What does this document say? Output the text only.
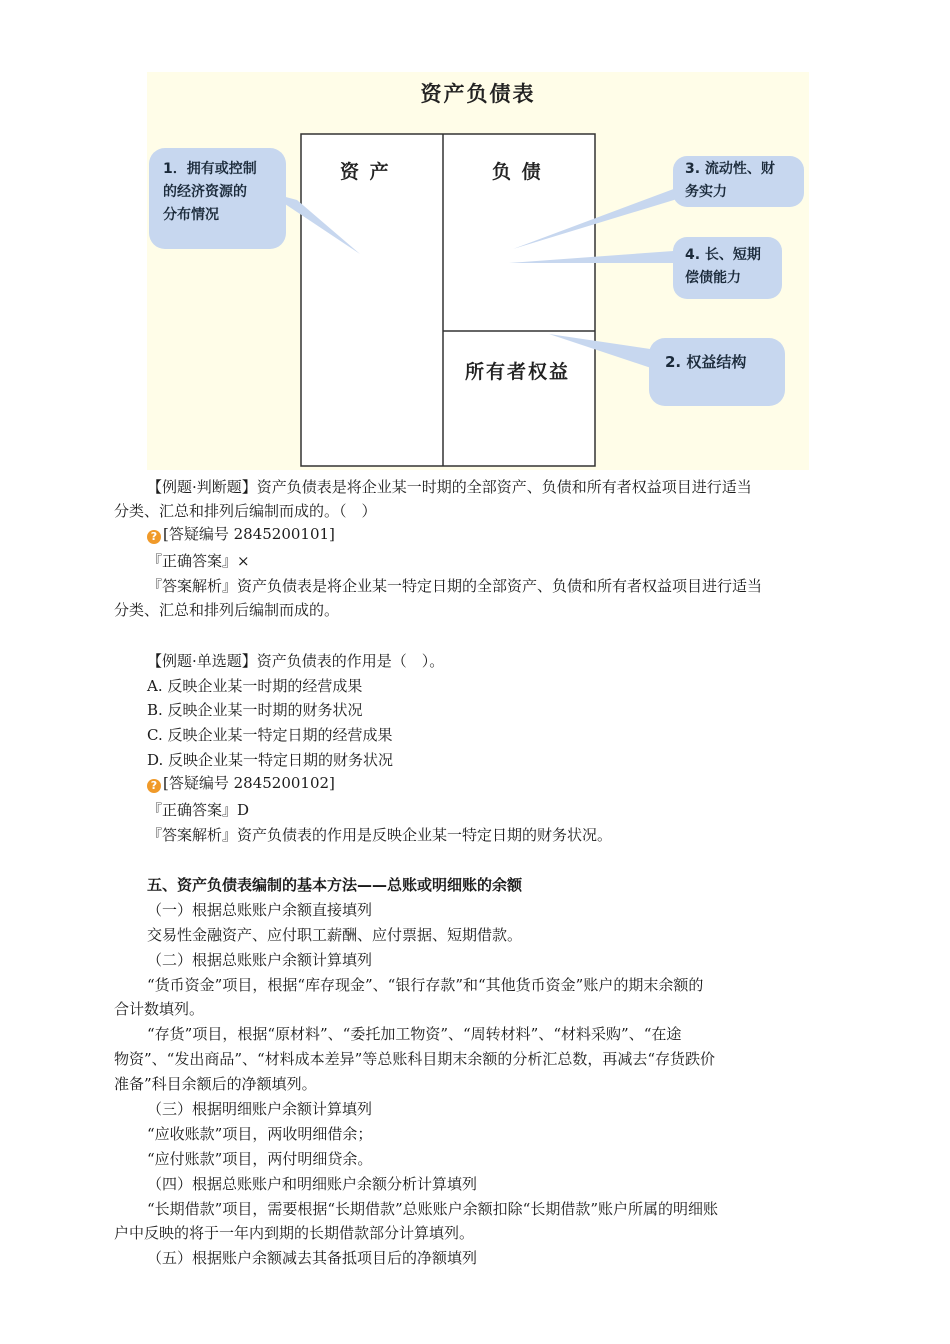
资产负债表
资 产	负 债
所有者权益
1．拥有或控制
的经济资源的
分布情况
3. 流动性、财
务实力
4. 长、短期
偿债能力
2. 权益结构
【例题·判断题】资产负债表是将企业某一时期的全部资产、负债和所有者权益项目进行适当
分类、汇总和排列后编制而成的。（　）
? [答疑编号 2845200101]
『正确答案』×
『答案解析』资产负债表是将企业某一特定日期的全部资产、负债和所有者权益项目进行适当
分类、汇总和排列后编制而成的。
【例题·单选题】资产负债表的作用是（　）。
A. 反映企业某一时期的经营成果
B. 反映企业某一时期的财务状况
C. 反映企业某一特定日期的经营成果
D. 反映企业某一特定日期的财务状况
? [答疑编号 2845200102]
『正确答案』D
『答案解析』资产负债表的作用是反映企业某一特定日期的财务状况。
五、资产负债表编制的基本方法——总账或明细账的余额
（一）根据总账账户余额直接填列
交易性金融资产、应付职工薪酬、应付票据、短期借款。
（二）根据总账账户余额计算填列
“货币资金”项目，根据“库存现金”、“银行存款”和“其他货币资金”账户的期末余额的
合计数填列。
“存货”项目，根据“原材料”、“委托加工物资”、“周转材料”、“材料采购”、“在途
物资”、“发出商品”、“材料成本差异”等总账科目期末余额的分析汇总数，再减去“存货跌价
准备”科目余额后的净额填列。
（三）根据明细账户余额计算填列
“应收账款”项目，两收明细借余；
“应付账款”项目，两付明细贷余。
（四）根据总账账户和明细账户余额分析计算填列
“长期借款”项目，需要根据“长期借款”总账账户余额扣除“长期借款”账户所属的明细账
户中反映的将于一年内到期的长期借款部分计算填列。
（五）根据账户余额减去其备抵项目后的净额填列
